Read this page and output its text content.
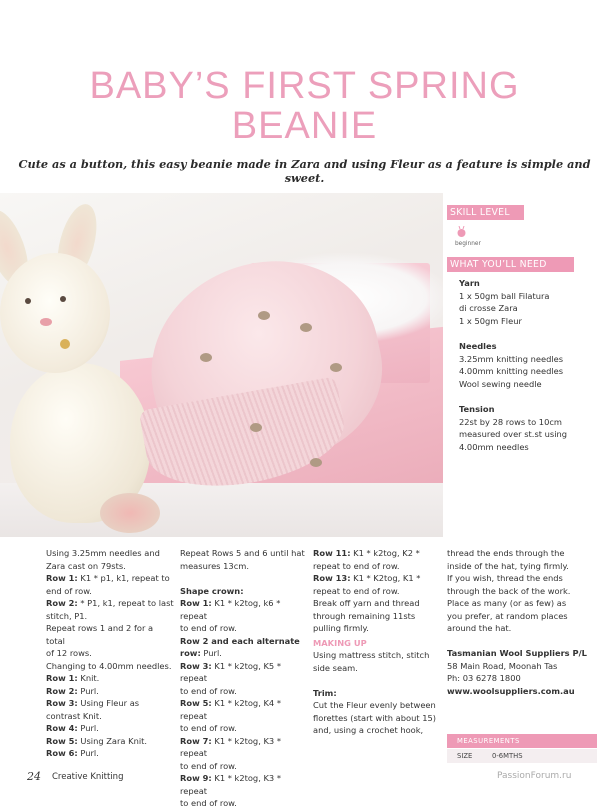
BABY’S FIRST SPRING
BEANIE

Cute as a button, this easy beanie made in Zara and using Fleur as a feature is simple and sweet.

SKILL LEVEL
beginner
WHAT YOU’LL NEED

Yarn
1 x 50gm ball Filatura
di crosse Zara
1 x 50gm Fleur

Needles
3.25mm knitting needles
4.00mm knitting needles
Wool sewing needle

Tension
22st by 28 rows to 10cm
measured over st.st using
4.00mm needles

Using 3.25mm needles and

Zara cast on 79sts.

Row 1: K1 * p1, k1, repeat to

end of row.

Row 2: * P1, k1, repeat to last

stitch, P1.

Repeat rows 1 and 2 for a total

of 12 rows.

Changing to 4.00mm needles.

Row 1: Knit.

Row 2: Purl.

Row 3: Using Fleur as

contrast Knit.

Row 4: Purl.

Row 5: Using Zara Knit.

Row 6: Purl.

Repeat Rows 5 and 6 until hat

measures 13cm.

Shape crown:

Row 1: K1 * k2tog, k6 * repeat

to end of row.

Row 2 and each alternate

row: Purl.

Row 3: K1 * k2tog, K5 * repeat

to end of row.

Row 5: K1 * k2tog, K4 * repeat

to end of row.

Row 7: K1 * k2tog, K3 * repeat

to end of row.

Row 9: K1 * k2tog, K3 * repeat

to end of row.

Row 11: K1 * k2tog, K2 *

repeat to end of row.

Row 13: K1 * K2tog, K1 *

repeat to end of row.

Break off yarn and thread

through remaining 11sts

pulling firmly.

MAKING UP

Using mattress stitch, stitch

side seam.

Trim:

Cut the Fleur evenly between

florettes (start with about 15)

and, using a crochet hook,

thread the ends through the

inside of the hat, tying firmly.

If you wish, thread the ends

through the back of the work.

Place as many (or as few) as

you prefer, at random places

around the hat.

Tasmanian Wool Suppliers P/L

58 Main Road, Moonah Tas

Ph: 03 6278 1800

www.woolsuppliers.com.au

MEASUREMENTS
SIZE	0-6MTHS
24 Creative Knitting	PassionForum.ru
